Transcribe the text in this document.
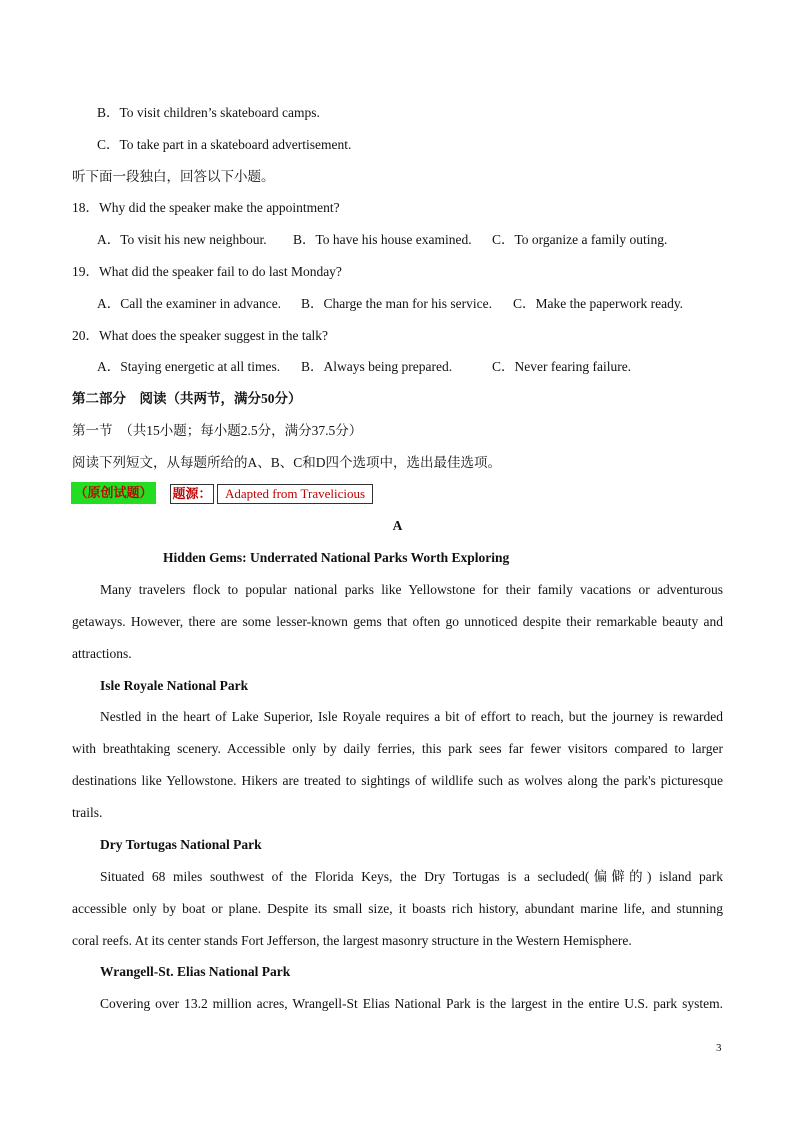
B．To visit children’s skateboard camps.
C．To take part in a skateboard advertisement.
听下面一段独白，回答以下小题。
18．Why did the speaker make the appointment?
A．To visit his new neighbour. B．To have his house examined. C．To organize a family outing.
19．What did the speaker fail to do last Monday?
A．Call the examiner in advance. B．Charge the man for his service. C．Make the paperwork ready.
20．What does the speaker suggest in the talk?
A．Staying energetic at all times. B．Always being prepared.	C．Never fearing failure.
第二部分　阅读（共两节，满分50分）
第一节　（共15小题；每小题2.5分，满分37.5分）
阅读下列短文，从每题所给的A、B、C和D四个选项中，选出最佳选项。
（原创试题） 题源：	Adapted from Travelicious
A
Hidden Gems: Underrated National Parks Worth Exploring
Many travelers flock to popular national parks like Yellowstone for their family vacations or adventurous
getaways. However, there are some lesser-known gems that often go unnoticed despite their remarkable beauty and
attractions.
Isle Royale National Park
Nestled in the heart of Lake Superior, Isle Royale requires a bit of effort to reach, but the journey is rewarded
with breathtaking scenery. Accessible only by daily ferries, this park sees far fewer visitors compared to larger
destinations like Yellowstone. Hikers are treated to sightings of wildlife such as wolves along the park's picturesque
trails.
Dry Tortugas National Park
Situated 68 miles southwest of the Florida Keys, the Dry Tortugas is a secluded(偏僻的) island park
accessible only by boat or plane. Despite its small size, it boasts rich history, abundant marine life, and stunning
coral reefs. At its center stands Fort Jefferson, the largest masonry structure in the Western Hemisphere.
Wrangell-St. Elias National Park
Covering over 13.2 million acres, Wrangell-St Elias National Park is the largest in the entire U.S. park system.
3
